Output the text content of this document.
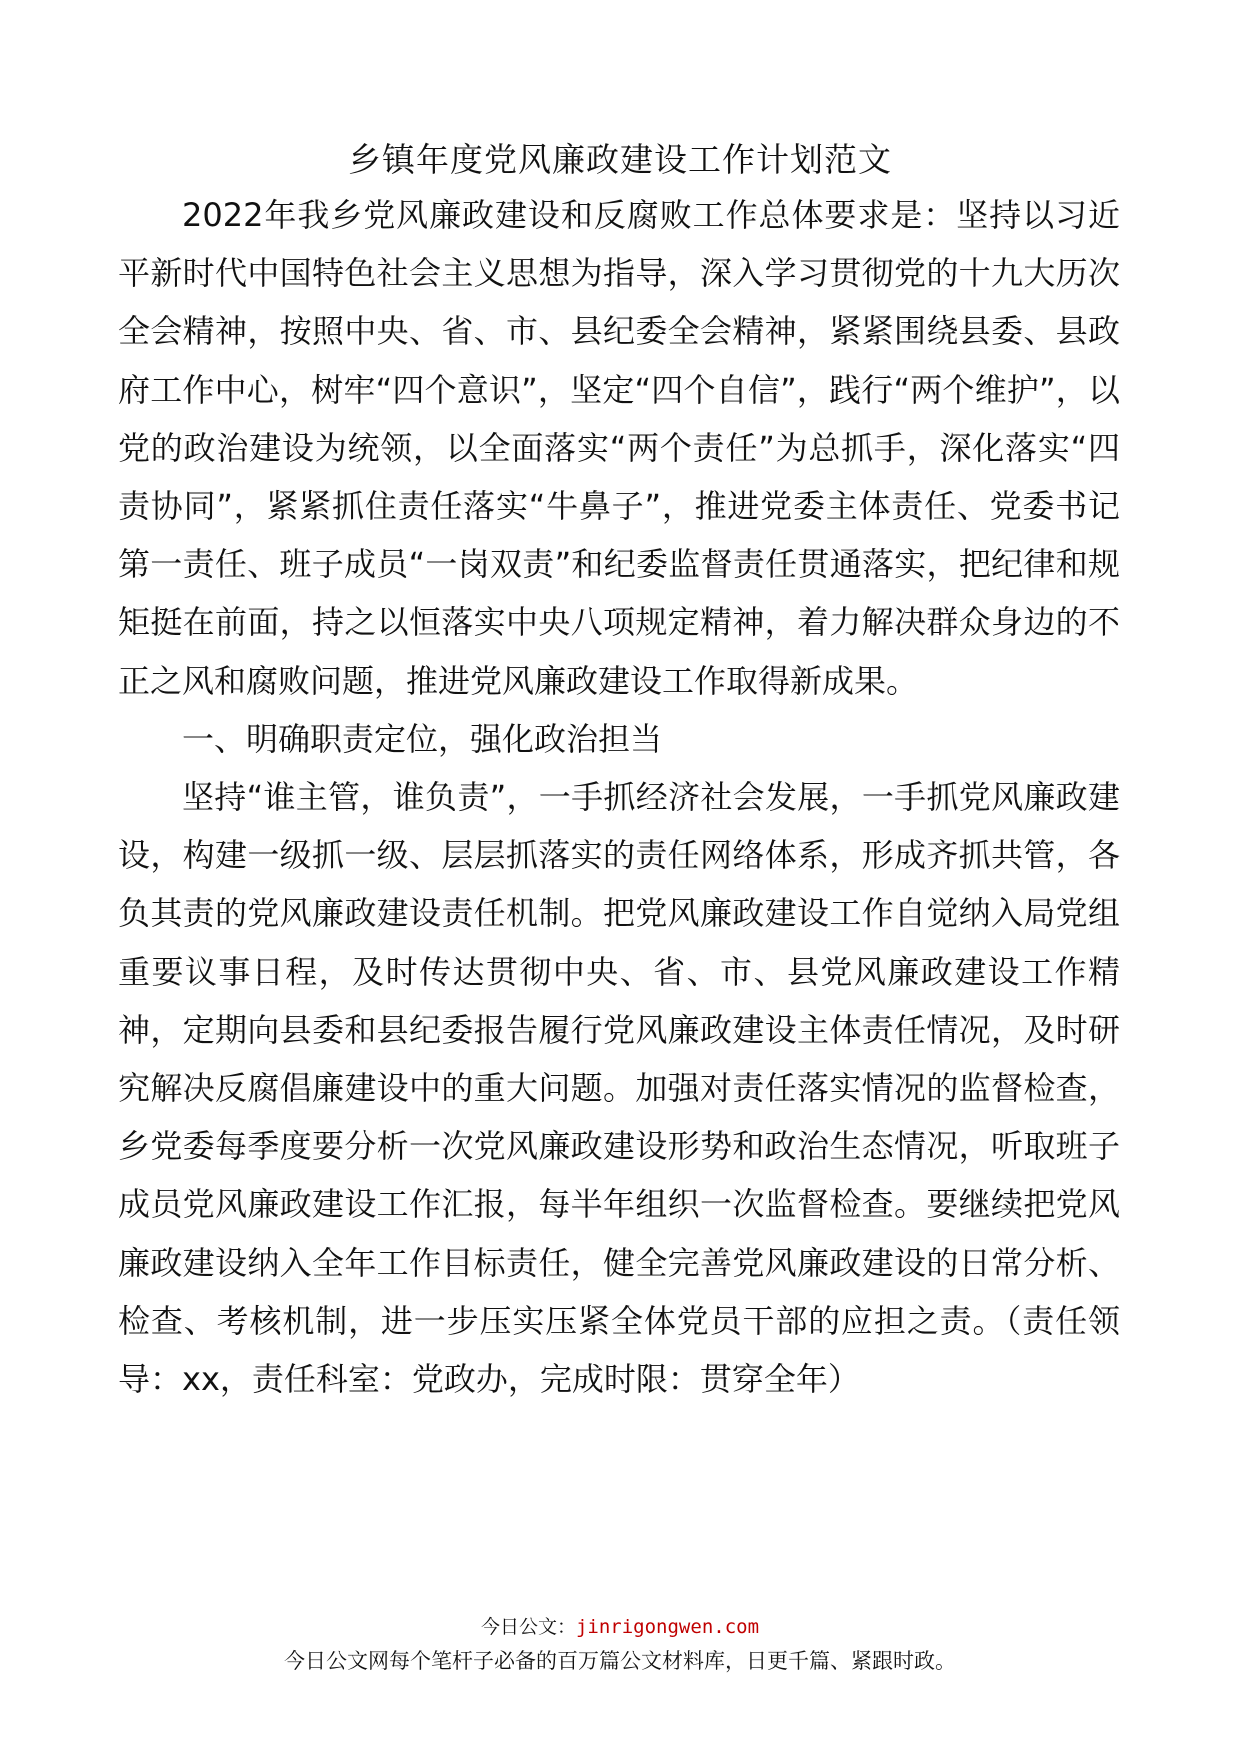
乡镇年度党风廉政建设工作计划范文

2022年我乡党风廉政建设和反腐败工作总体要求是：坚持以习近平新时代中国特色社会主义思想为指导，深入学习贯彻党的十九大历次全会精神，按照中央、省、市、县纪委全会精神，紧紧围绕县委、县政府工作中心，树牢“四个意识”，坚定“四个自信”，践行“两个维护”，以党的政治建设为统领，以全面落实“两个责任”为总抓手，深化落实“四责协同”，紧紧抓住责任落实“牛鼻子”，推进党委主体责任、党委书记第一责任、班子成员“一岗双责”和纪委监督责任贯通落实，把纪律和规矩挺在前面，持之以恒落实中央八项规定精神，着力解决群众身边的不正之风和腐败问题，推进党风廉政建设工作取得新成果。

一、明确职责定位，强化政治担当

坚持“谁主管，谁负责”，一手抓经济社会发展，一手抓党风廉政建设，构建一级抓一级、层层抓落实的责任网络体系，形成齐抓共管，各负其责的党风廉政建设责任机制。把党风廉政建设工作自觉纳入局党组重要议事日程，及时传达贯彻中央、省、市、县党风廉政建设工作精神，定期向县委和县纪委报告履行党风廉政建设主体责任情况，及时研究解决反腐倡廉建设中的重大问题。加强对责任落实情况的监督检查，乡党委每季度要分析一次党风廉政建设形势和政治生态情况，听取班子成员党风廉政建设工作汇报，每半年组织一次监督检查。要继续把党风廉政建设纳入全年工作目标责任，健全完善党风廉政建设的日常分析、检查、考核机制，进一步压实压紧全体党员干部的应担之责。（责任领导：xx，责任科室：党政办，完成时限：贯穿全年）

今日公文：jinrigongwen.com
今日公文网每个笔杆子必备的百万篇公文材料库，日更千篇、紧跟时政。
